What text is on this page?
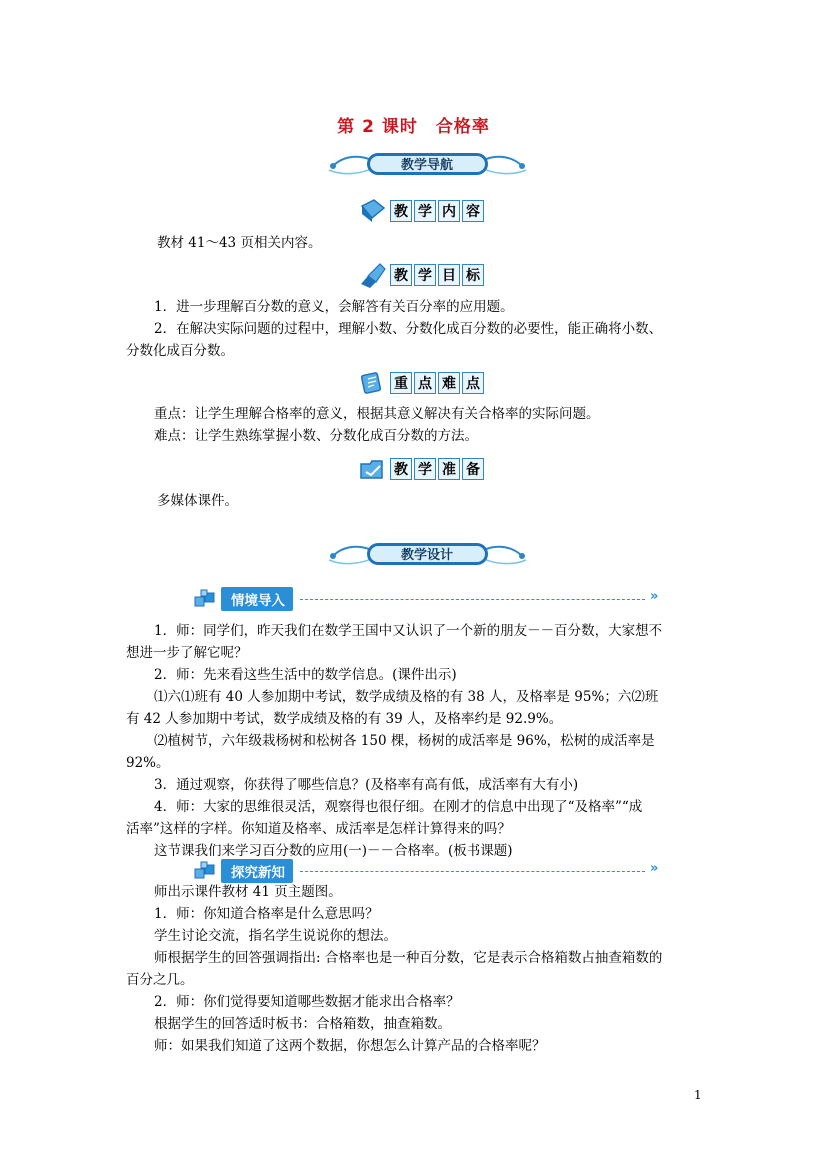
第 2 课时 合格率
教学导航
教 学 内 容
教材 41～43 页相关内容。
教 学 目 标
1．进一步理解百分数的意义，会解答有关百分率的应用题。
2．在解决实际问题的过程中，理解小数、分数化成百分数的必要性，能正确将小数、
分数化成百分数。
重 点 难 点
重点：让学生理解合格率的意义，根据其意义解决有关合格率的实际问题。
难点：让学生熟练掌握小数、分数化成百分数的方法。
教 学 准 备
多媒体课件。
教学设计
情境导入	»
1．师：同学们，昨天我们在数学王国中又认识了一个新的朋友－－百分数，大家想不
想进一步了解它呢？
2．师：先来看这些生活中的数学信息。(课件出示)
⑴六⑴班有 40 人参加期中考试，数学成绩及格的有 38 人，及格率是 95%；六⑵班
有 42 人参加期中考试，数学成绩及格的有 39 人，及格率约是 92.9%。
⑵植树节，六年级栽杨树和松树各 150 棵，杨树的成活率是 96%，松树的成活率是
92%。
3．通过观察，你获得了哪些信息？(及格率有高有低，成活率有大有小)
4．师：大家的思维很灵活，观察得也很仔细。在刚才的信息中出现了“及格率”“成
活率”这样的字样。你知道及格率、成活率是怎样计算得来的吗？
这节课我们来学习百分数的应用(一)－－合格率。(板书课题)
探究新知	»
师出示课件教材 41 页主题图。
1．师：你知道合格率是什么意思吗？
学生讨论交流，指名学生说说你的想法。
师根据学生的回答强调指出: 合格率也是一种百分数，它是表示合格箱数占抽查箱数的
百分之几。
2．师：你们觉得要知道哪些数据才能求出合格率？
根据学生的回答适时板书：合格箱数，抽查箱数。
师：如果我们知道了这两个数据，你想怎么计算产品的合格率呢？
1
